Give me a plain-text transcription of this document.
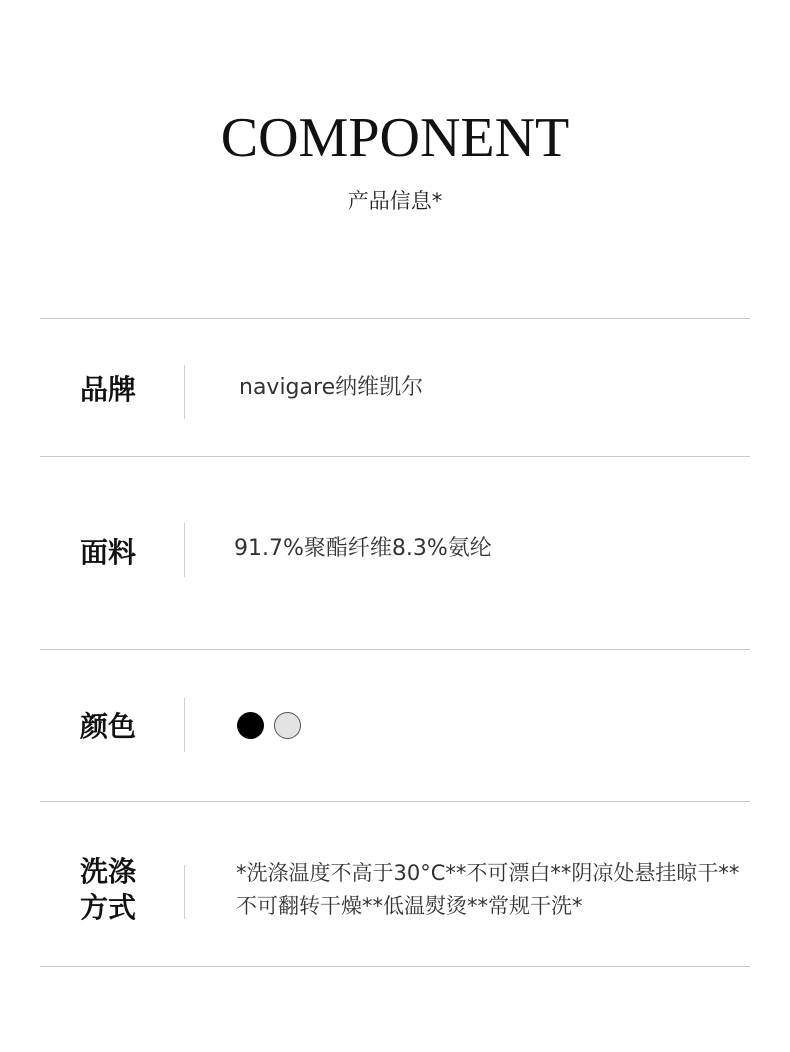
COMPONENT
产品信息*
品牌	navigare纳维凯尔
面料	91.7%聚酯纤维8.3%氨纶
颜色
洗涤
方式
*洗涤温度不高于30°C**不可漂白**阴凉处悬挂晾干**不可翻转干燥**低温熨烫**常规干洗*
